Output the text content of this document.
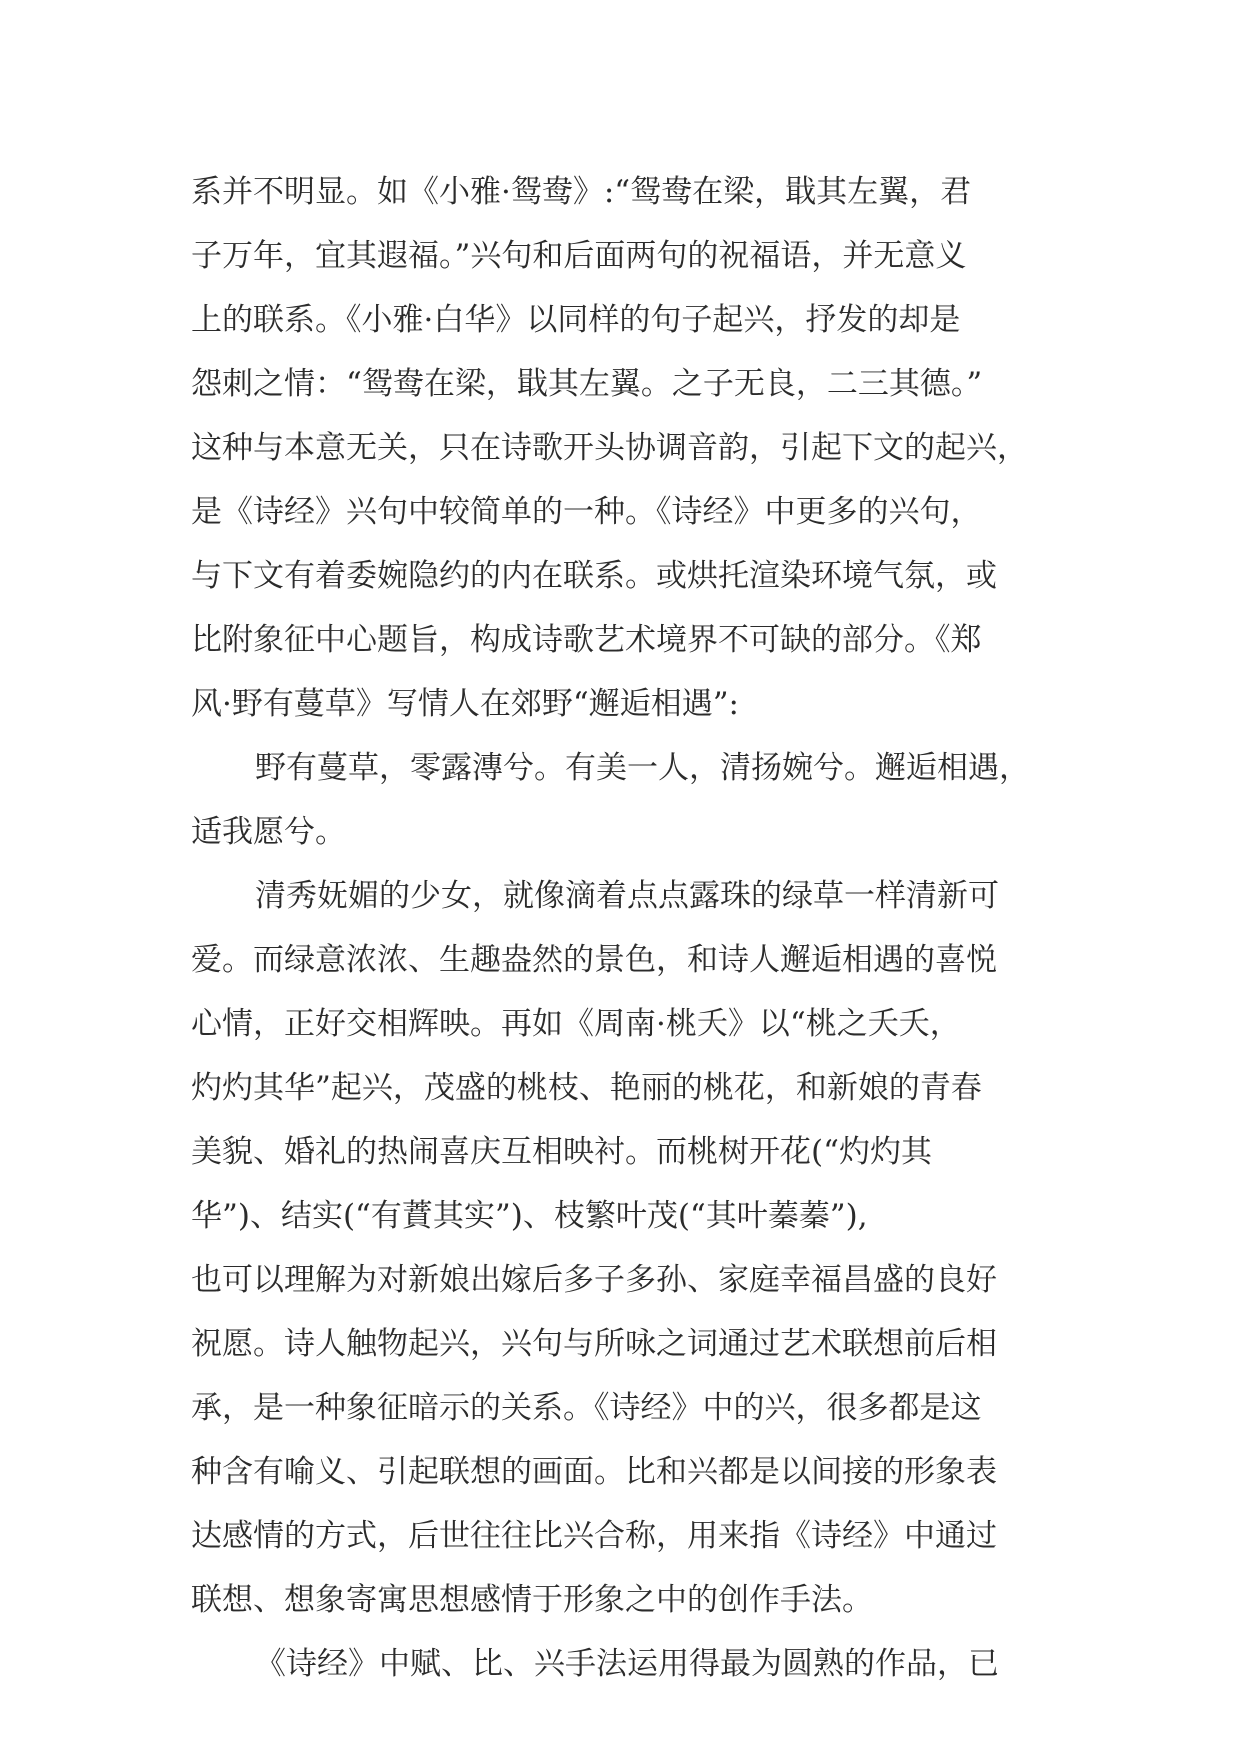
系并不明显。如《小雅·鸳鸯》:“鸳鸯在梁，戢其左翼，君
子万年，宜其遐福。”兴句和后面两句的祝福语，并无意义
上的联系。《小雅·白华》以同样的句子起兴，抒发的却是
怨刺之情：“鸳鸯在梁，戢其左翼。之子无良，二三其德。”
这种与本意无关，只在诗歌开头协调音韵，引起下文的起兴，
是《诗经》兴句中较简单的一种。《诗经》中更多的兴句，
与下文有着委婉隐约的内在联系。或烘托渲染环境气氛，或
比附象征中心题旨，构成诗歌艺术境界不可缺的部分。《郑
风·野有蔓草》写情人在郊野“邂逅相遇”:
野有蔓草，零露漙兮。有美一人，清扬婉兮。邂逅相遇，
适我愿兮。
清秀妩媚的少女，就像滴着点点露珠的绿草一样清新可
爱。而绿意浓浓、生趣盎然的景色，和诗人邂逅相遇的喜悦
心情，正好交相辉映。再如《周南·桃夭》以“桃之夭夭，
灼灼其华”起兴，茂盛的桃枝、艳丽的桃花，和新娘的青春
美貌、婚礼的热闹喜庆互相映衬。而桃树开花(“灼灼其
华”)、结实(“有蕡其实”)、枝繁叶茂(“其叶蓁蓁”),
也可以理解为对新娘出嫁后多子多孙、家庭幸福昌盛的良好
祝愿。诗人触物起兴，兴句与所咏之词通过艺术联想前后相
承，是一种象征暗示的关系。《诗经》中的兴，很多都是这
种含有喻义、引起联想的画面。比和兴都是以间接的形象表
达感情的方式，后世往往比兴合称，用来指《诗经》中通过
联想、想象寄寓思想感情于形象之中的创作手法。
《诗经》中赋、比、兴手法运用得最为圆熟的作品，已
